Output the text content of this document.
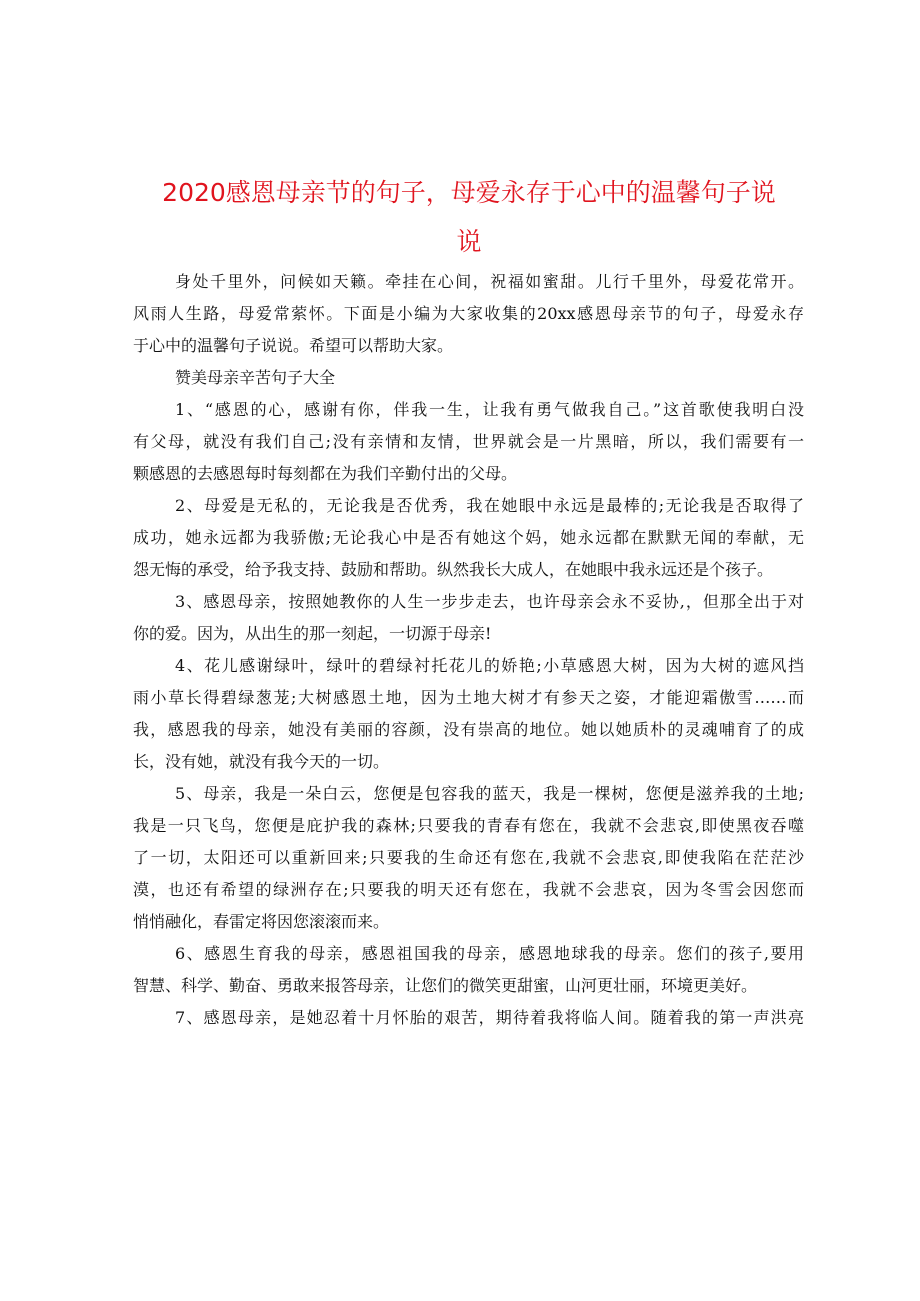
2020感恩母亲节的句子，母爱永存于心中的温馨句子说
说
身处千里外，问候如天籁。牵挂在心间，祝福如蜜甜。儿行千里外，母爱花常开。
风雨人生路，母爱常萦怀。下面是小编为大家收集的20xx感恩母亲节的句子，母爱永存
于心中的温馨句子说说。希望可以帮助大家。
赞美母亲辛苦句子大全
1、“感恩的心，感谢有你，伴我一生，让我有勇气做我自己。”这首歌使我明白没
有父母，就没有我们自己;没有亲情和友情，世界就会是一片黑暗，所以，我们需要有一
颗感恩的去感恩每时每刻都在为我们辛勤付出的父母。
2、母爱是无私的，无论我是否优秀，我在她眼中永远是最棒的;无论我是否取得了
成功，她永远都为我骄傲;无论我心中是否有她这个妈，她永远都在默默无闻的奉献，无
怨无悔的承受，给予我支持、鼓励和帮助。纵然我长大成人，在她眼中我永远还是个孩子。
3、感恩母亲，按照她教你的人生一步步走去，也许母亲会永不妥协,，但那全出于对
你的爱。因为，从出生的那一刻起，一切源于母亲!
4、花儿感谢绿叶，绿叶的碧绿衬托花儿的娇艳;小草感恩大树，因为大树的遮风挡
雨小草长得碧绿葱茏;大树感恩土地，因为土地大树才有参天之姿，才能迎霜傲雪……而
我，感恩我的母亲，她没有美丽的容颜，没有崇高的地位。她以她质朴的灵魂哺育了的成
长，没有她，就没有我今天的一切。
5、母亲，我是一朵白云，您便是包容我的蓝天，我是一棵树，您便是滋养我的土地;
我是一只飞鸟，您便是庇护我的森林;只要我的青春有您在，我就不会悲哀,即使黑夜吞噬
了一切，太阳还可以重新回来;只要我的生命还有您在,我就不会悲哀,即使我陷在茫茫沙
漠，也还有希望的绿洲存在;只要我的明天还有您在，我就不会悲哀，因为冬雪会因您而
悄悄融化，春雷定将因您滚滚而来。
6、感恩生育我的母亲，感恩祖国我的母亲，感恩地球我的母亲。您们的孩子,要用
智慧、科学、勤奋、勇敢来报答母亲，让您们的微笑更甜蜜，山河更壮丽，环境更美好。
7、感恩母亲，是她忍着十月怀胎的艰苦，期待着我将临人间。随着我的第一声洪亮
